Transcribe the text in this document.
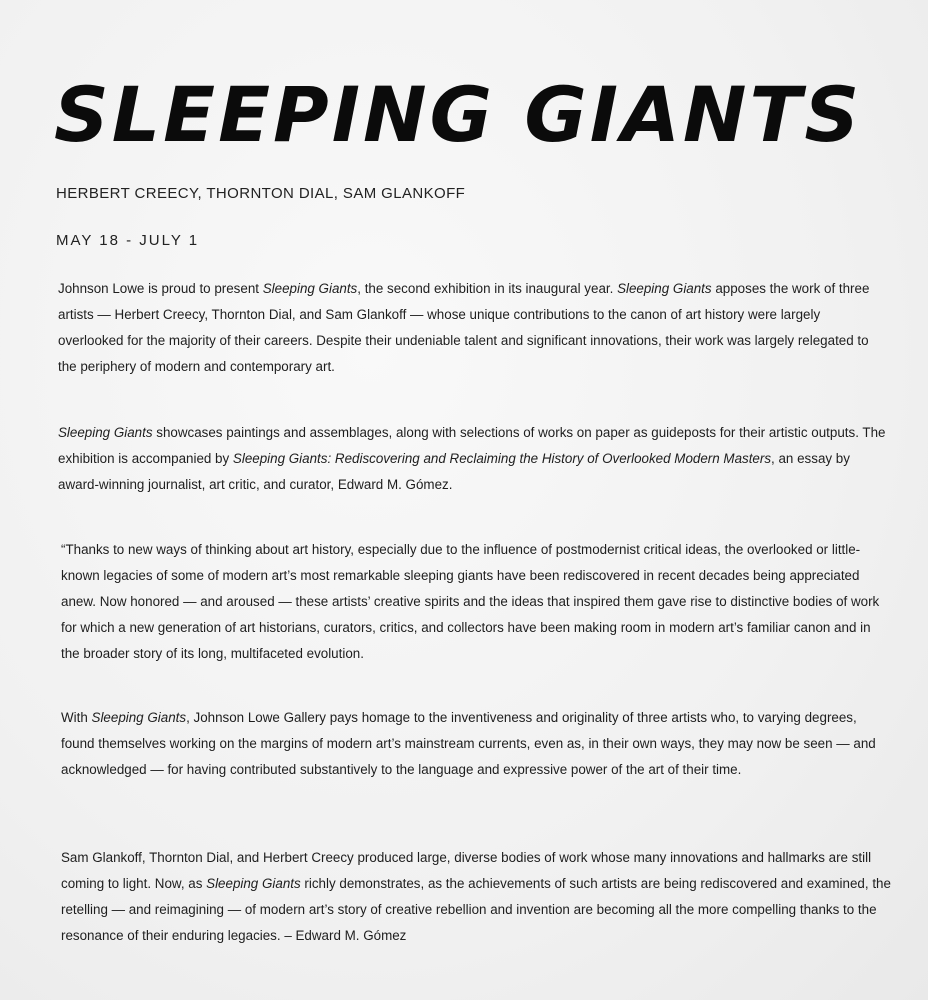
SLEEPING GIANTS

HERBERT CREECY, THORNTON DIAL, SAM GLANKOFF

MAY 18 - JULY 1

Johnson Lowe is proud to present Sleeping Giants, the second exhibition in its inaugural year. Sleeping Giants apposes the work of three artists — Herbert Creecy, Thornton Dial, and Sam Glankoff — whose unique contributions to the canon of art history were largely overlooked for the majority of their careers. Despite their undeniable talent and significant innovations, their work was largely relegated to the periphery of modern and contemporary art.

Sleeping Giants showcases paintings and assemblages, along with selections of works on paper as guideposts for their artistic outputs. The exhibition is accompanied by Sleeping Giants: Rediscovering and Reclaiming the History of Overlooked Modern Masters, an essay by award-winning journalist, art critic, and curator, Edward M. Gómez.

“Thanks to new ways of thinking about art history, especially due to the influence of postmodernist critical ideas, the overlooked or little-known legacies of some of modern art’s most remarkable sleeping giants have been rediscovered in recent decades being appreciated anew. Now honored — and aroused — these artists’ creative spirits and the ideas that inspired them gave rise to distinctive bodies of work for which a new generation of art historians, curators, critics, and collectors have been making room in modern art’s familiar canon and in the broader story of its long, multifaceted evolution.

With Sleeping Giants, Johnson Lowe Gallery pays homage to the inventiveness and originality of three artists who, to varying degrees, found themselves working on the margins of modern art’s mainstream currents, even as, in their own ways, they may now be seen — and acknowledged — for having contributed substantively to the language and expressive power of the art of their time.

Sam Glankoff, Thornton Dial, and Herbert Creecy produced large, diverse bodies of work whose many innovations and hallmarks are still coming to light. Now, as Sleeping Giants richly demonstrates, as the achievements of such artists are being rediscovered and examined, the retelling — and reimagining — of modern art’s story of creative rebellion and invention are becoming all the more compelling thanks to the resonance of their enduring legacies. – Edward M. Gómez
